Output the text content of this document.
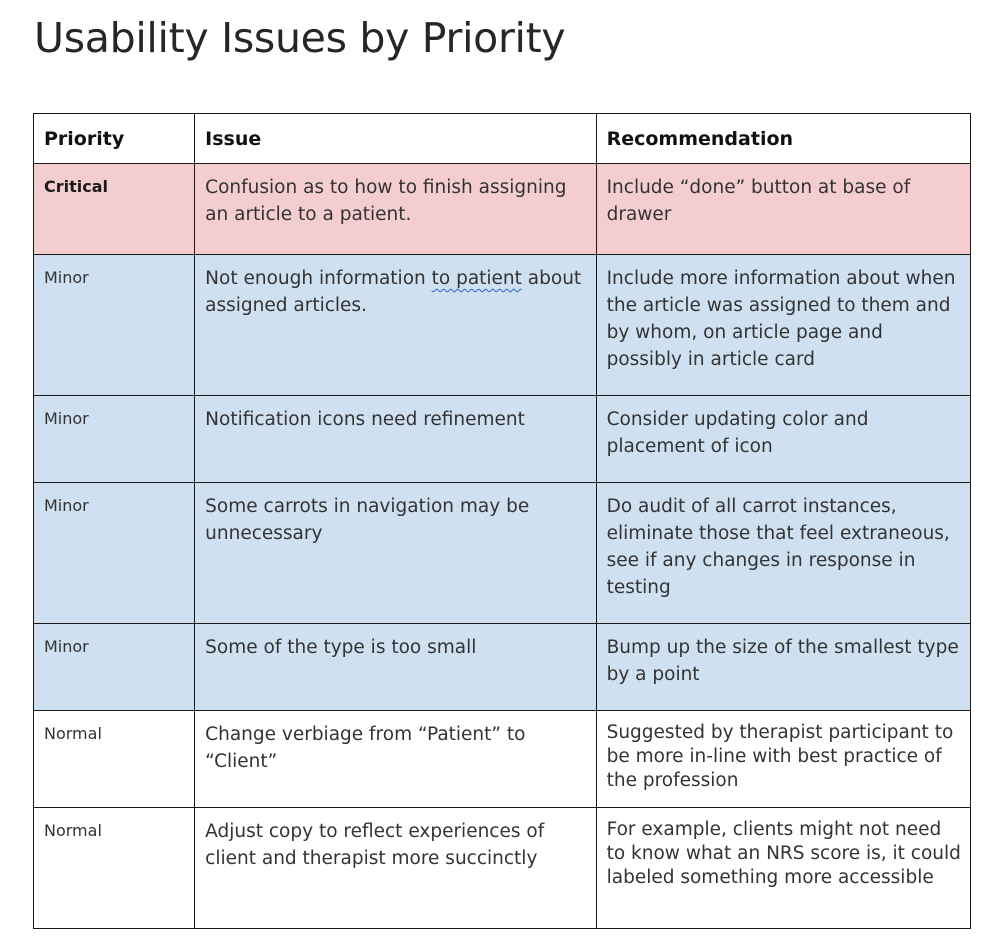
Usability Issues by Priority
Priority	Issue	Recommendation
Critical	Confusion as to how to finish assigning an article to a patient.	Include “done” button at base of drawer
Minor	Not enough information to patient about assigned articles.	Include more information about when the article was assigned to them and by whom, on article page and possibly in article card
Minor	Notification icons need refinement	Consider updating color and placement of icon
Minor	Some carrots in navigation may be unnecessary	Do audit of all carrot instances, eliminate those that feel extraneous, see if any changes in response in testing
Minor	Some of the type is too small	Bump up the size of the smallest type by a point
Normal	Change verbiage from “Patient” to “Client”	Suggested by therapist participant to be more in-line with best practice of the profession
Normal	Adjust copy to reflect experiences of client and therapist more succinctly	For example, clients might not need to know what an NRS score is, it could labeled something more accessible
